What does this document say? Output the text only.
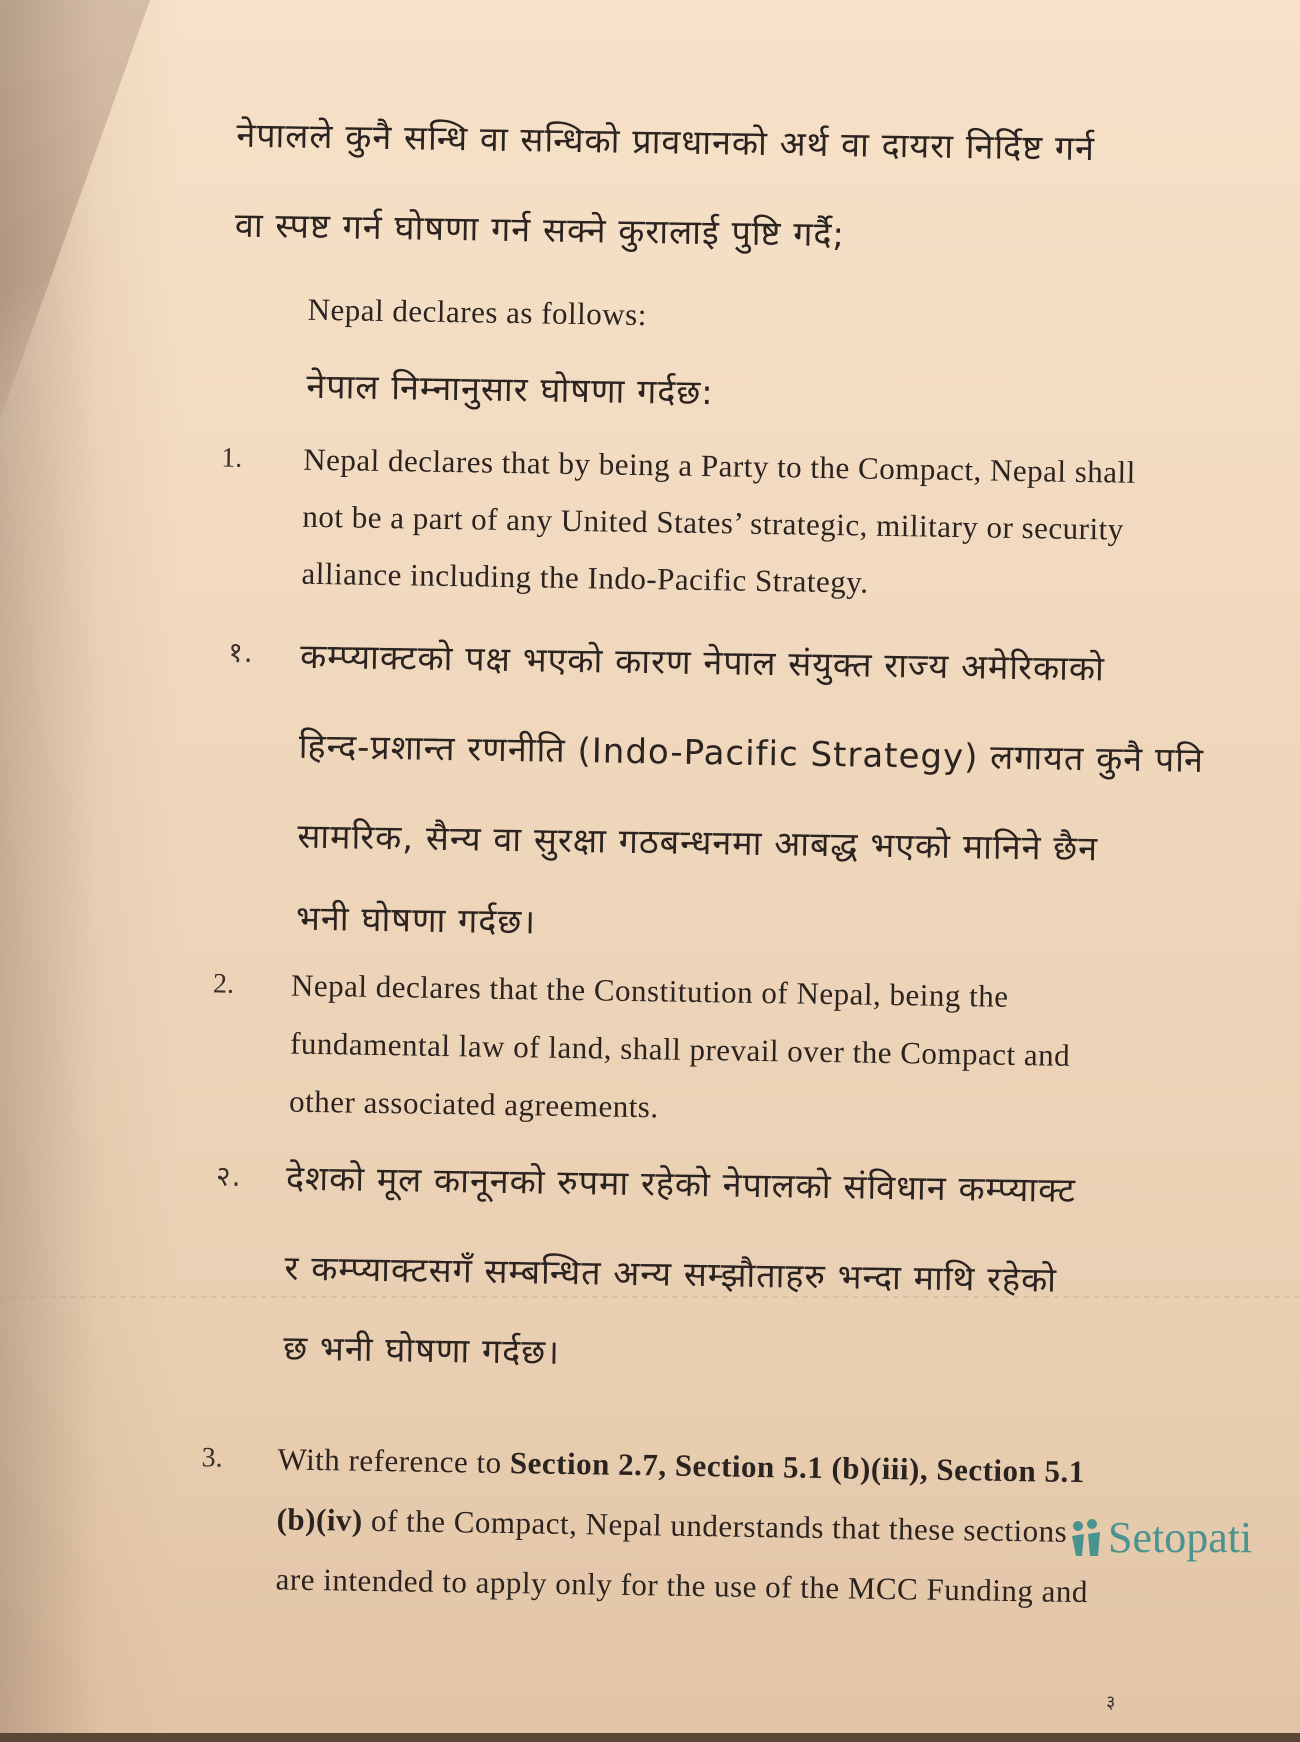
नेपालले कुनै सन्धि वा सन्धिको प्रावधानको अर्थ वा दायरा निर्दिष्ट गर्न

वा स्पष्ट गर्न घोषणा गर्न सक्ने कुरालाई पुष्टि गर्दै;

Nepal declares as follows:

नेपाल निम्नानुसार घोषणा गर्दछ:

1. Nepal declares that by being a Party to the Compact, Nepal shall

not be a part of any United States’ strategic, military or security

alliance including the Indo-Pacific Strategy.

१. कम्प्याक्टको पक्ष भएको कारण नेपाल संयुक्त राज्य अमेरिकाको

हिन्द-प्रशान्त रणनीति (Indo-Pacific Strategy) लगायत कुनै पनि

सामरिक, सैन्य वा सुरक्षा गठबन्धनमा आबद्ध भएको मानिने छैन

भनी घोषणा गर्दछ।

2. Nepal declares that the Constitution of Nepal, being the

fundamental law of land, shall prevail over the Compact and

other associated agreements.

२. देशको मूल कानूनको रुपमा रहेको नेपालको संविधान कम्प्याक्ट

र कम्प्याक्टसगँ सम्बन्धित अन्य सम्झौताहरु भन्दा माथि रहेको

छ भनी घोषणा गर्दछ।

3. With reference to Section 2.7, Section 5.1 (b)(iii), Section 5.1

(b)(iv) of the Compact, Nepal understands that these sections

are intended to apply only for the use of the MCC Funding and

Setopati
३
